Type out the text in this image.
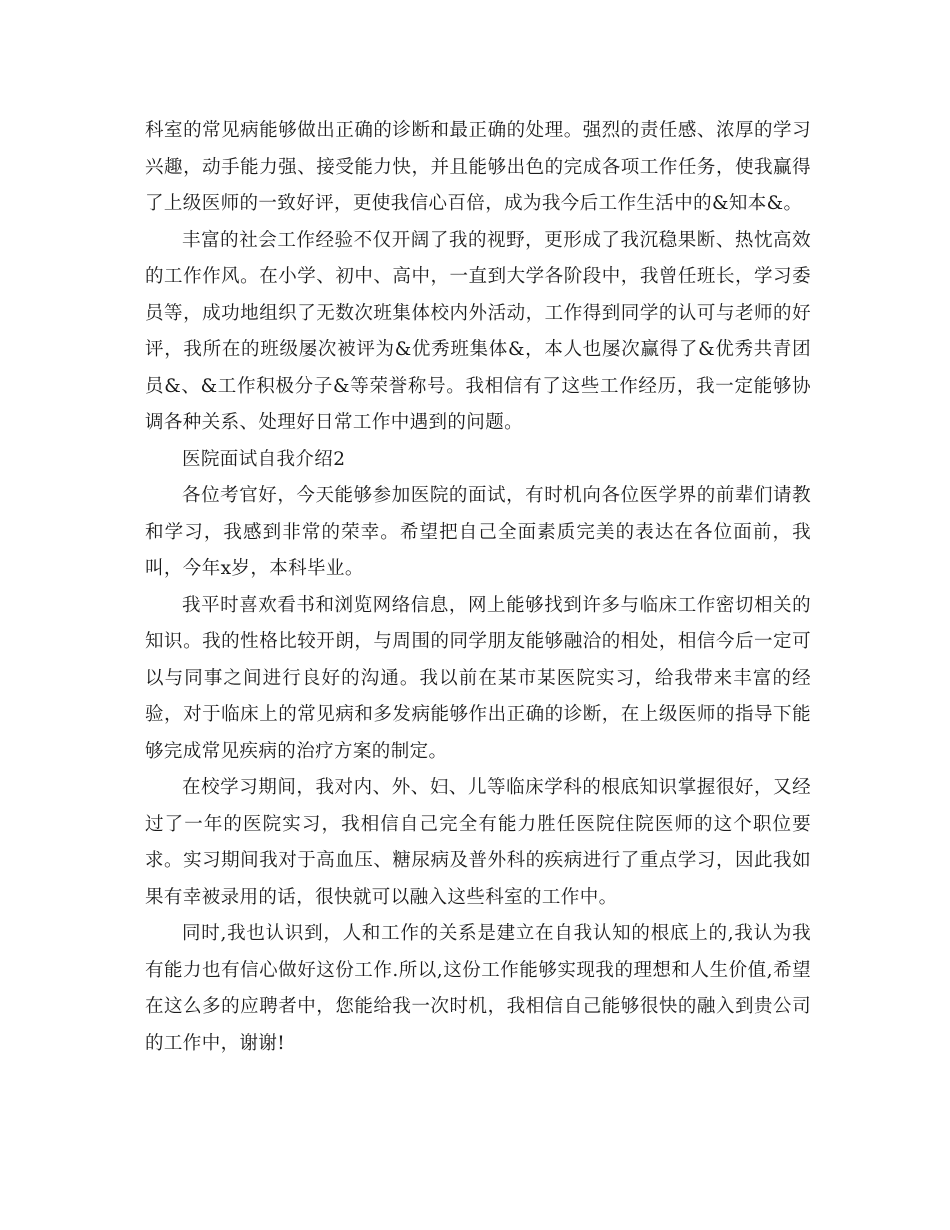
科室的常见病能够做出正确的诊断和最正确的处理。强烈的责任感、浓厚的学习兴趣，动手能力强、接受能力快，并且能够出色的完成各项工作任务，使我赢得了上级医师的一致好评，更使我信心百倍，成为我今后工作生活中的&知本&。

丰富的社会工作经验不仅开阔了我的视野，更形成了我沉稳果断、热忱高效的工作作风。在小学、初中、高中，一直到大学各阶段中，我曾任班长，学习委员等，成功地组织了无数次班集体校内外活动，工作得到同学的认可与老师的好评，我所在的班级屡次被评为&优秀班集体&，本人也屡次赢得了&优秀共青团员&、&工作积极分子&等荣誉称号。我相信有了这些工作经历，我一定能够协调各种关系、处理好日常工作中遇到的问题。

医院面试自我介绍2

各位考官好，今天能够参加医院的面试，有时机向各位医学界的前辈们请教和学习，我感到非常的荣幸。希望把自己全面素质完美的表达在各位面前，我叫，今年x岁，本科毕业。

我平时喜欢看书和浏览网络信息，网上能够找到许多与临床工作密切相关的知识。我的性格比较开朗，与周围的同学朋友能够融洽的相处，相信今后一定可以与同事之间进行良好的沟通。我以前在某市某医院实习，给我带来丰富的经验，对于临床上的常见病和多发病能够作出正确的诊断，在上级医师的指导下能够完成常见疾病的治疗方案的制定。

在校学习期间，我对内、外、妇、儿等临床学科的根底知识掌握很好，又经过了一年的医院实习，我相信自己完全有能力胜任医院住院医师的这个职位要求。实习期间我对于高血压、糖尿病及普外科的疾病进行了重点学习，因此我如果有幸被录用的话，很快就可以融入这些科室的工作中。

同时,我也认识到，人和工作的关系是建立在自我认知的根底上的,我认为我有能力也有信心做好这份工作.所以,这份工作能够实现我的理想和人生价值,希望在这么多的应聘者中，您能给我一次时机，我相信自己能够很快的融入到贵公司的工作中，谢谢!
